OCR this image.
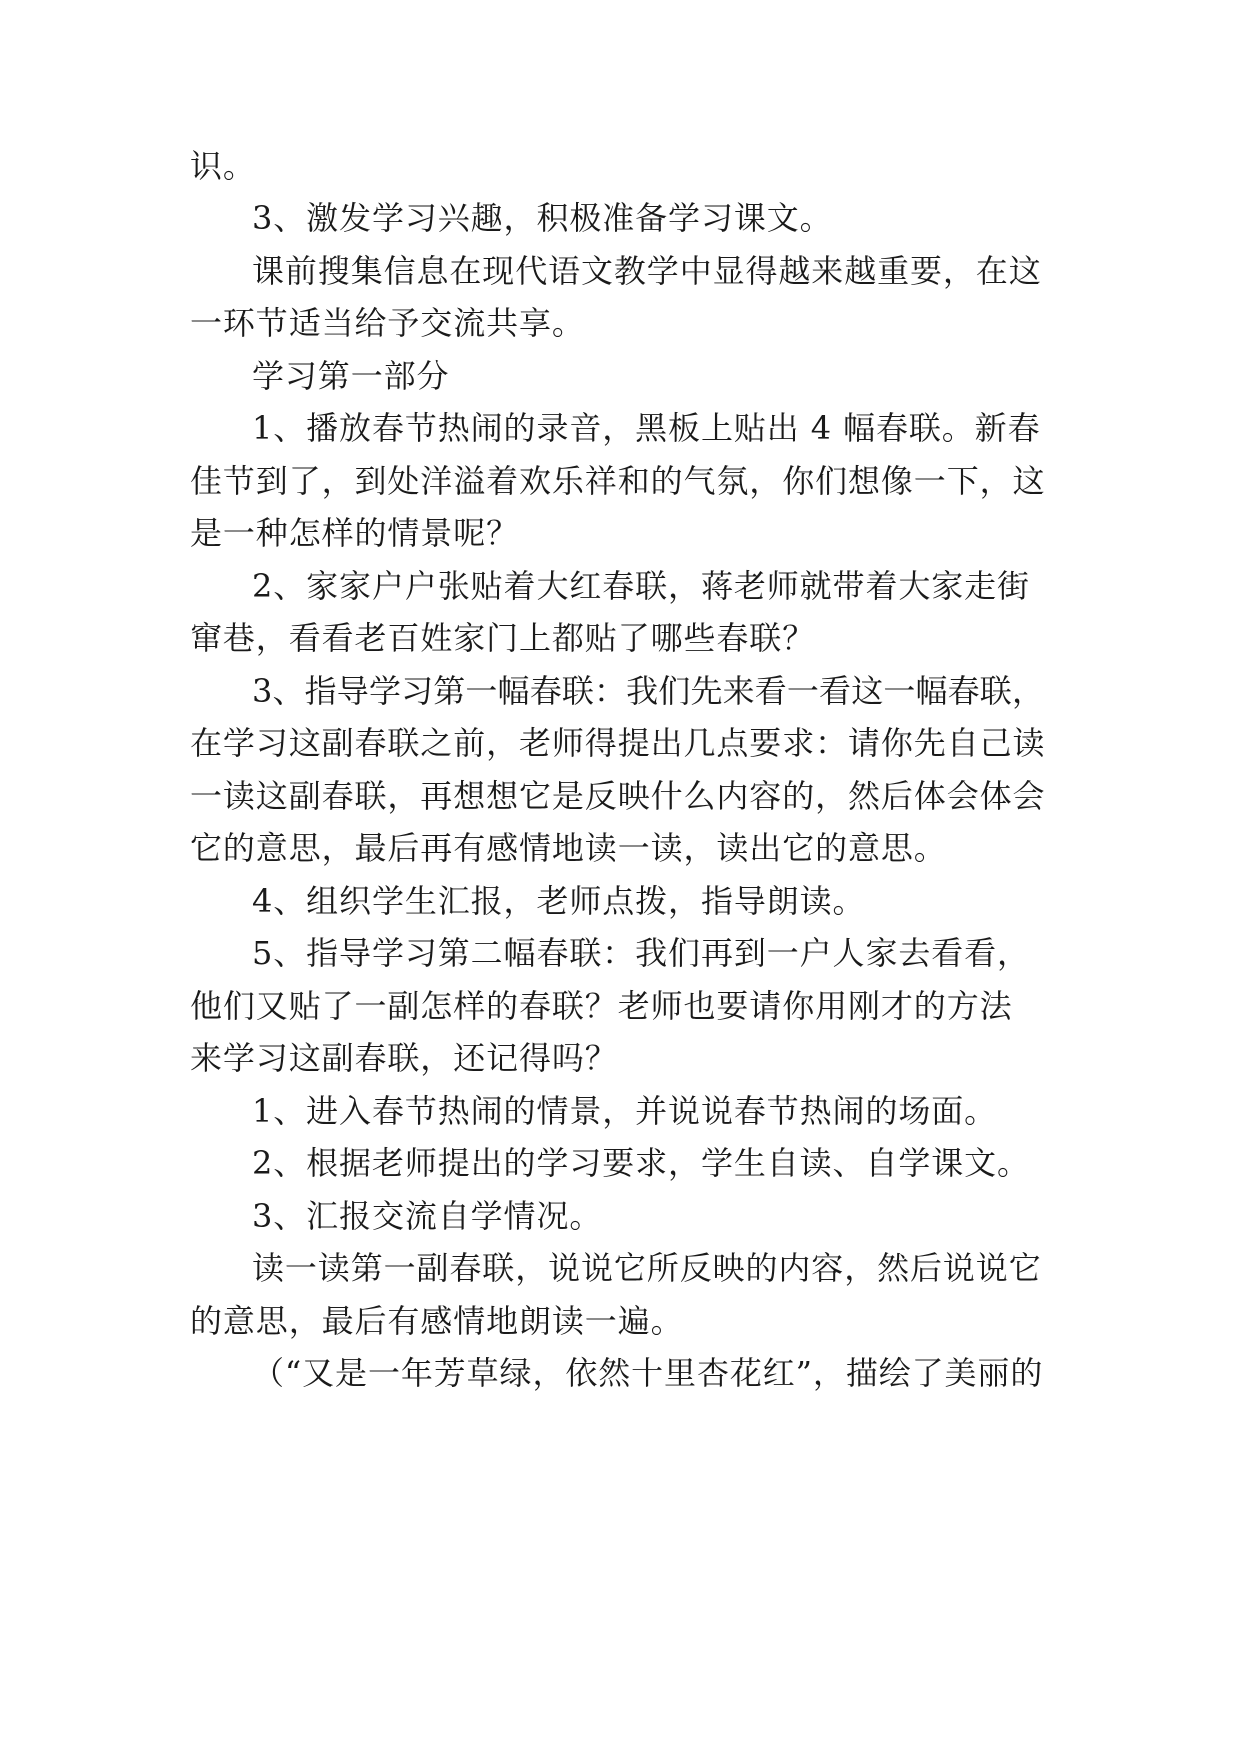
识。
3、激发学习兴趣，积极准备学习课文。
课前搜集信息在现代语文教学中显得越来越重要，在这
一环节适当给予交流共享。
学习第一部分
1、播放春节热闹的录音，黑板上贴出 4 幅春联。新春
佳节到了，到处洋溢着欢乐祥和的气氛，你们想像一下，这
是一种怎样的情景呢？
2、家家户户张贴着大红春联，蒋老师就带着大家走街
窜巷，看看老百姓家门上都贴了哪些春联？
3、指导学习第一幅春联：我们先来看一看这一幅春联，
在学习这副春联之前，老师得提出几点要求：请你先自己读
一读这副春联，再想想它是反映什么内容的，然后体会体会
它的意思，最后再有感情地读一读，读出它的意思。
4、组织学生汇报，老师点拨，指导朗读。
5、指导学习第二幅春联：我们再到一户人家去看看，
他们又贴了一副怎样的春联？老师也要请你用刚才的方法
来学习这副春联，还记得吗？
1、进入春节热闹的情景，并说说春节热闹的场面。
2、根据老师提出的学习要求，学生自读、自学课文。
3、汇报交流自学情况。
读一读第一副春联，说说它所反映的内容，然后说说它
的意思，最后有感情地朗读一遍。
（“又是一年芳草绿，依然十里杏花红”，描绘了美丽的
